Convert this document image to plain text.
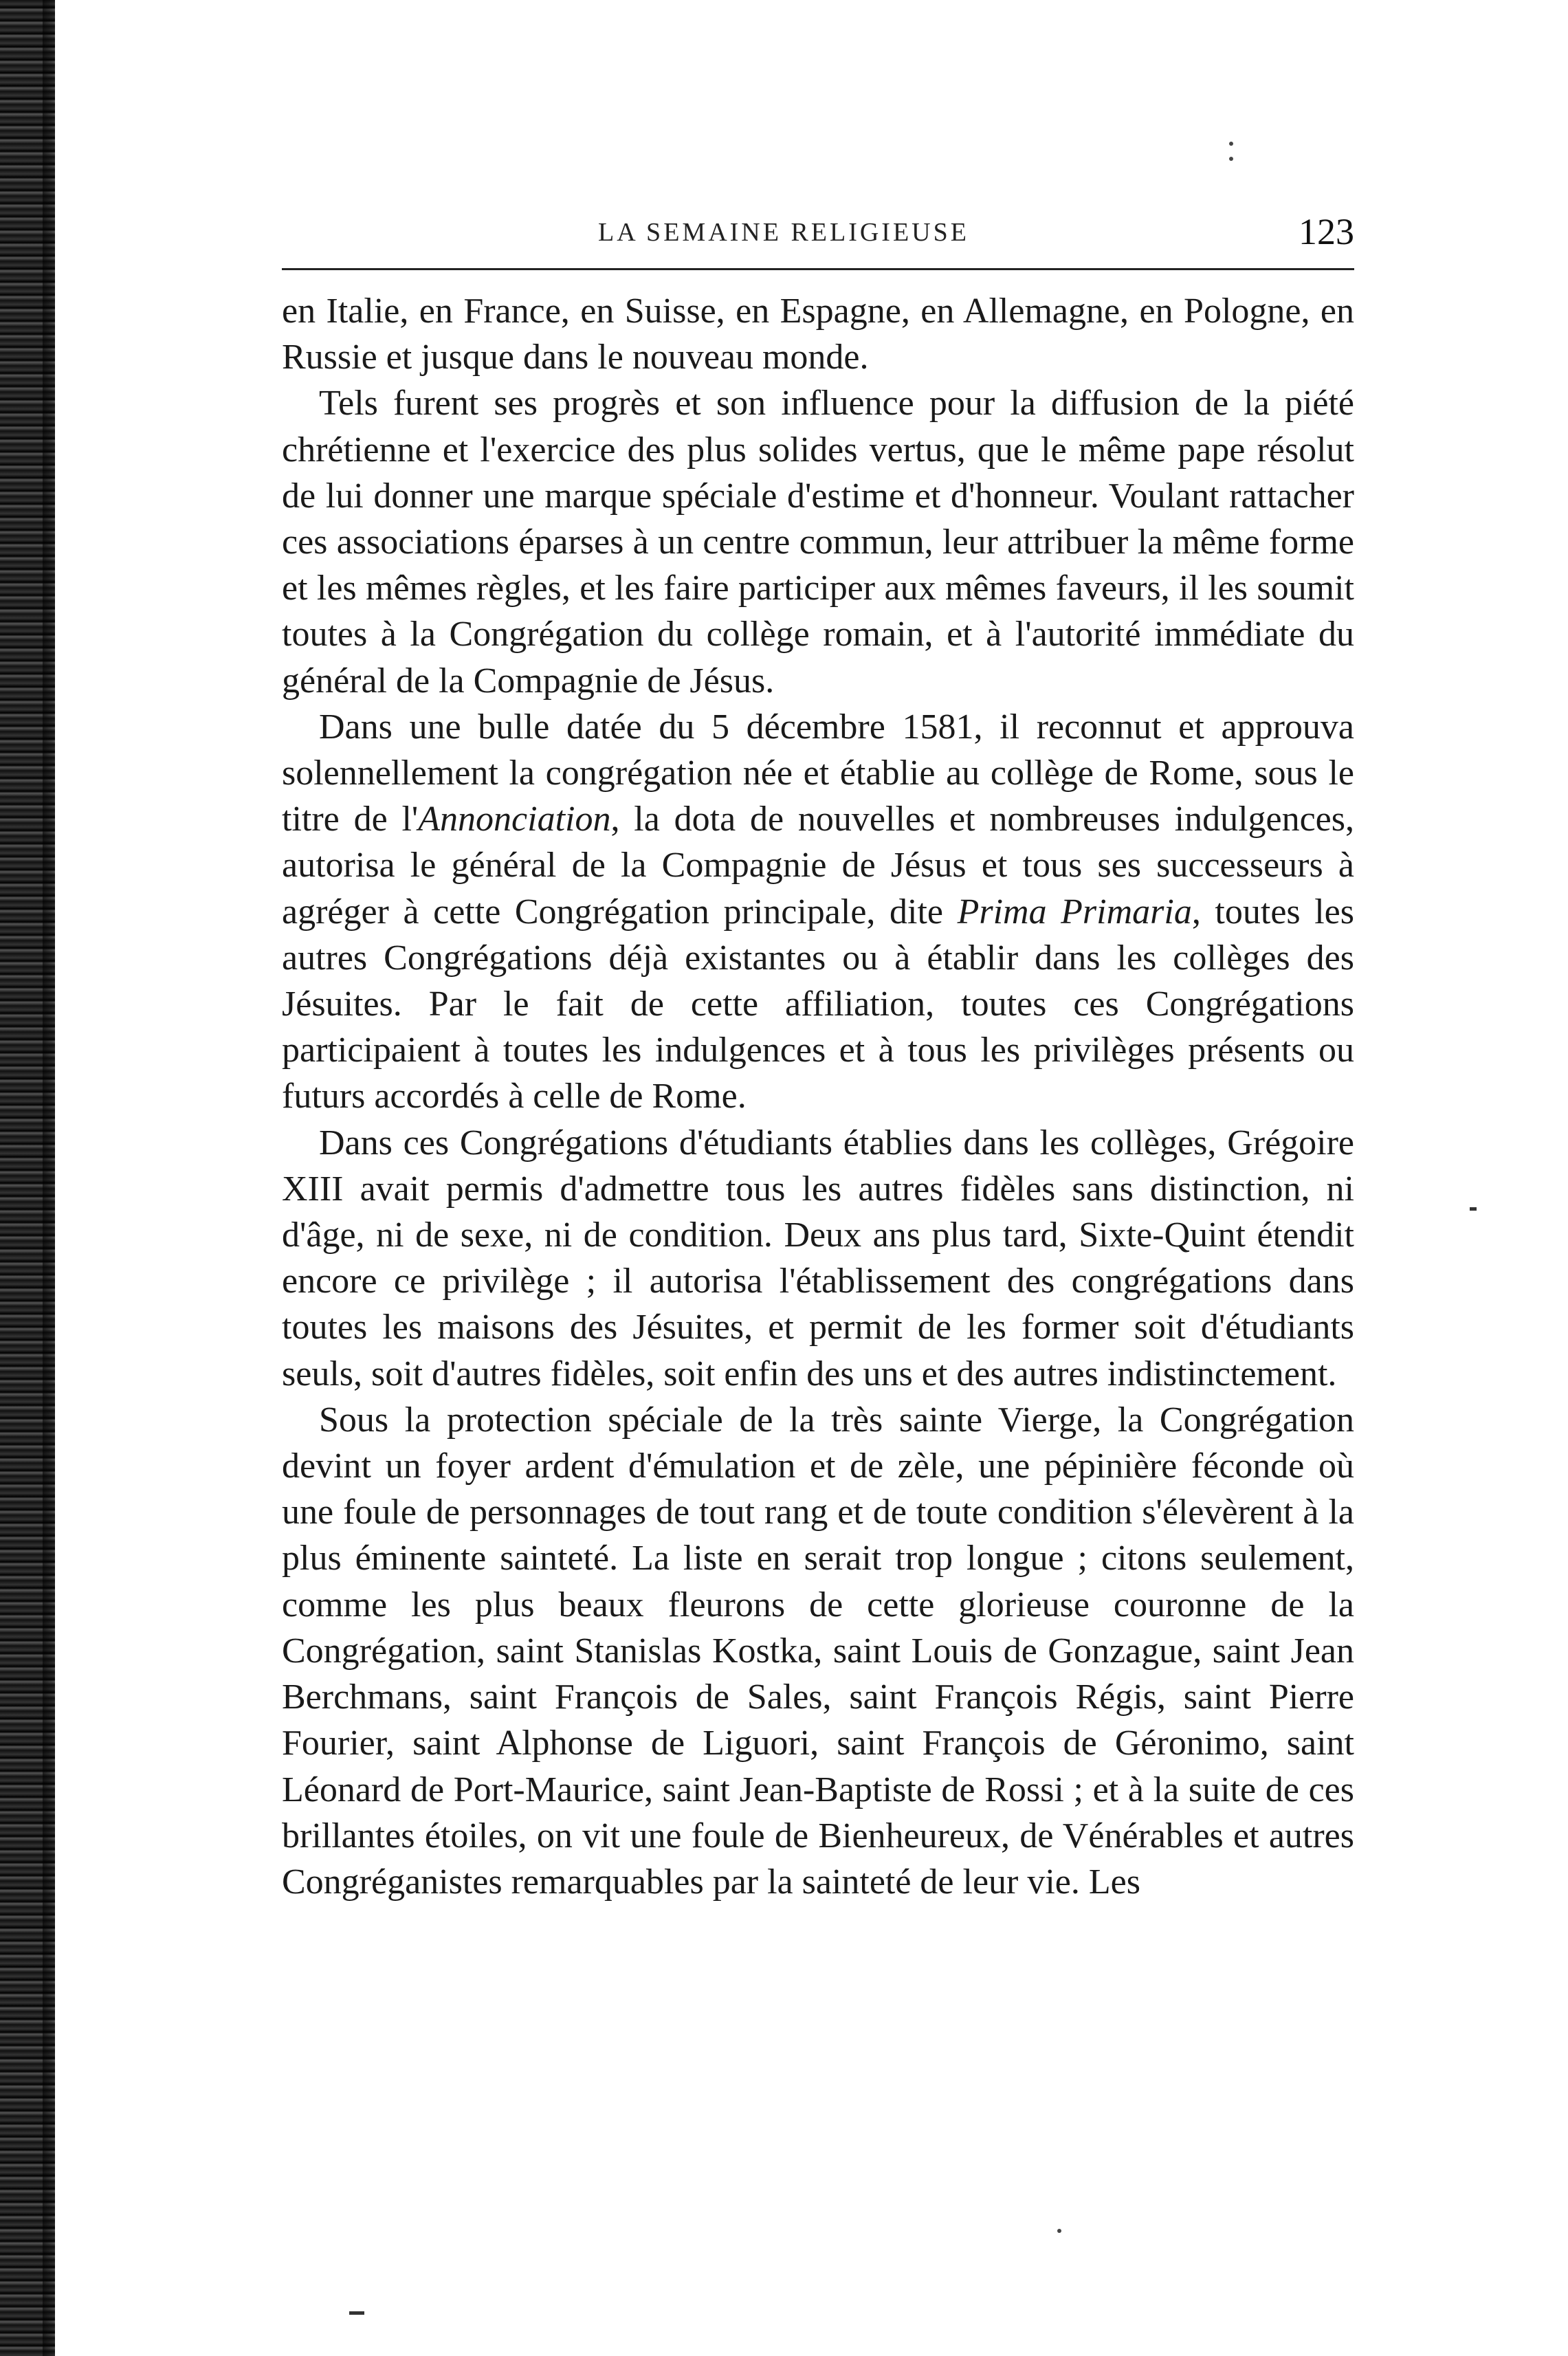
LA SEMAINE RELIGIEUSE	123

en Italie, en France, en Suisse, en Espagne, en Allemagne, en Pologne, en Russie et jusque dans le nouveau monde.

Tels furent ses progrès et son influence pour la diffusion de la piété chrétienne et l'exercice des plus solides vertus, que le même pape résolut de lui donner une marque spéciale d'estime et d'honneur. Voulant rattacher ces associations éparses à un centre commun, leur attribuer la même forme et les mêmes règles, et les faire participer aux mêmes faveurs, il les soumit toutes à la Congrégation du collège romain, et à l'autorité immédiate du général de la Compagnie de Jésus.

Dans une bulle datée du 5 décembre 1581, il reconnut et approuva solennellement la congrégation née et établie au collège de Rome, sous le titre de l'Annonciation, la dota de nouvelles et nombreuses indulgences, autorisa le général de la Compagnie de Jésus et tous ses successeurs à agréger à cette Congrégation principale, dite Prima Primaria, toutes les autres Congrégations déjà existantes ou à établir dans les collèges des Jésuites. Par le fait de cette affiliation, toutes ces Congrégations participaient à toutes les indulgences et à tous les privilèges présents ou futurs accordés à celle de Rome.

Dans ces Congrégations d'étudiants établies dans les collèges, Grégoire XIII avait permis d'admettre tous les autres fidèles sans distinction, ni d'âge, ni de sexe, ni de condition. Deux ans plus tard, Sixte-Quint étendit encore ce privilège ; il autorisa l'établissement des congrégations dans toutes les maisons des Jésuites, et permit de les former soit d'étudiants seuls, soit d'autres fidèles, soit enfin des uns et des autres indistinctement.

Sous la protection spéciale de la très sainte Vierge, la Congrégation devint un foyer ardent d'émulation et de zèle, une pépinière féconde où une foule de personnages de tout rang et de toute condition s'élevèrent à la plus éminente sainteté. La liste en serait trop longue ; citons seulement, comme les plus beaux fleurons de cette glorieuse couronne de la Congrégation, saint Stanislas Kostka, saint Louis de Gonzague, saint Jean Berchmans, saint François de Sales, saint François Régis, saint Pierre Fourier, saint Alphonse de Liguori, saint François de Géronimo, saint Léonard de Port-Maurice, saint Jean-Baptiste de Rossi ; et à la suite de ces brillantes étoiles, on vit une foule de Bienheureux, de Vénérables et autres Congréganistes remarquables par la sainteté de leur vie. Les
